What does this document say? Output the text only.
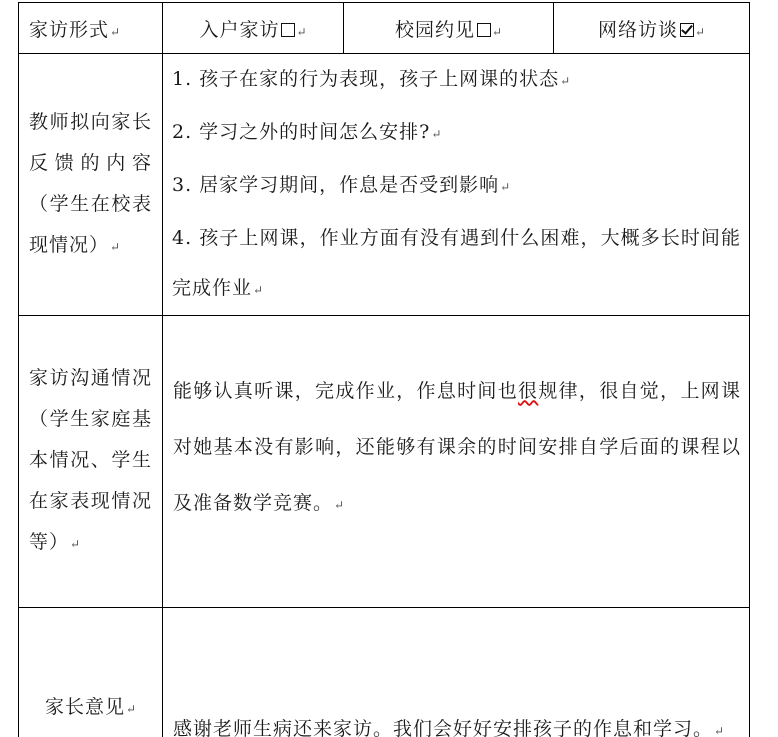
家访形式↵	入户家访 ↵	校园约见 ↵	网络访谈 ↵

教师拟向家长反馈的内容（学生在校表现情况）↵	1. 孩子在家的行为表现，孩子上网课的状态↵
2. 学习之外的时间怎么安排?↵
3. 居家学习期间，作息是否受到影响↵
4. 孩子上网课，作业方面有没有遇到什么困难，大概多长时间能完成作业↵		

家访沟通情况（学生家庭基本情况、学生在家表现情况等）↵	能够认真听课，完成作业，作息时间也很规律，很自觉，上网课对她基本没有影响，还能够有课余的时间安排自学后面的课程以及准备数学竞赛。↵		

家长意见↵	感谢老师生病还来家访。我们会好好安排孩子的作息和学习。↵		
